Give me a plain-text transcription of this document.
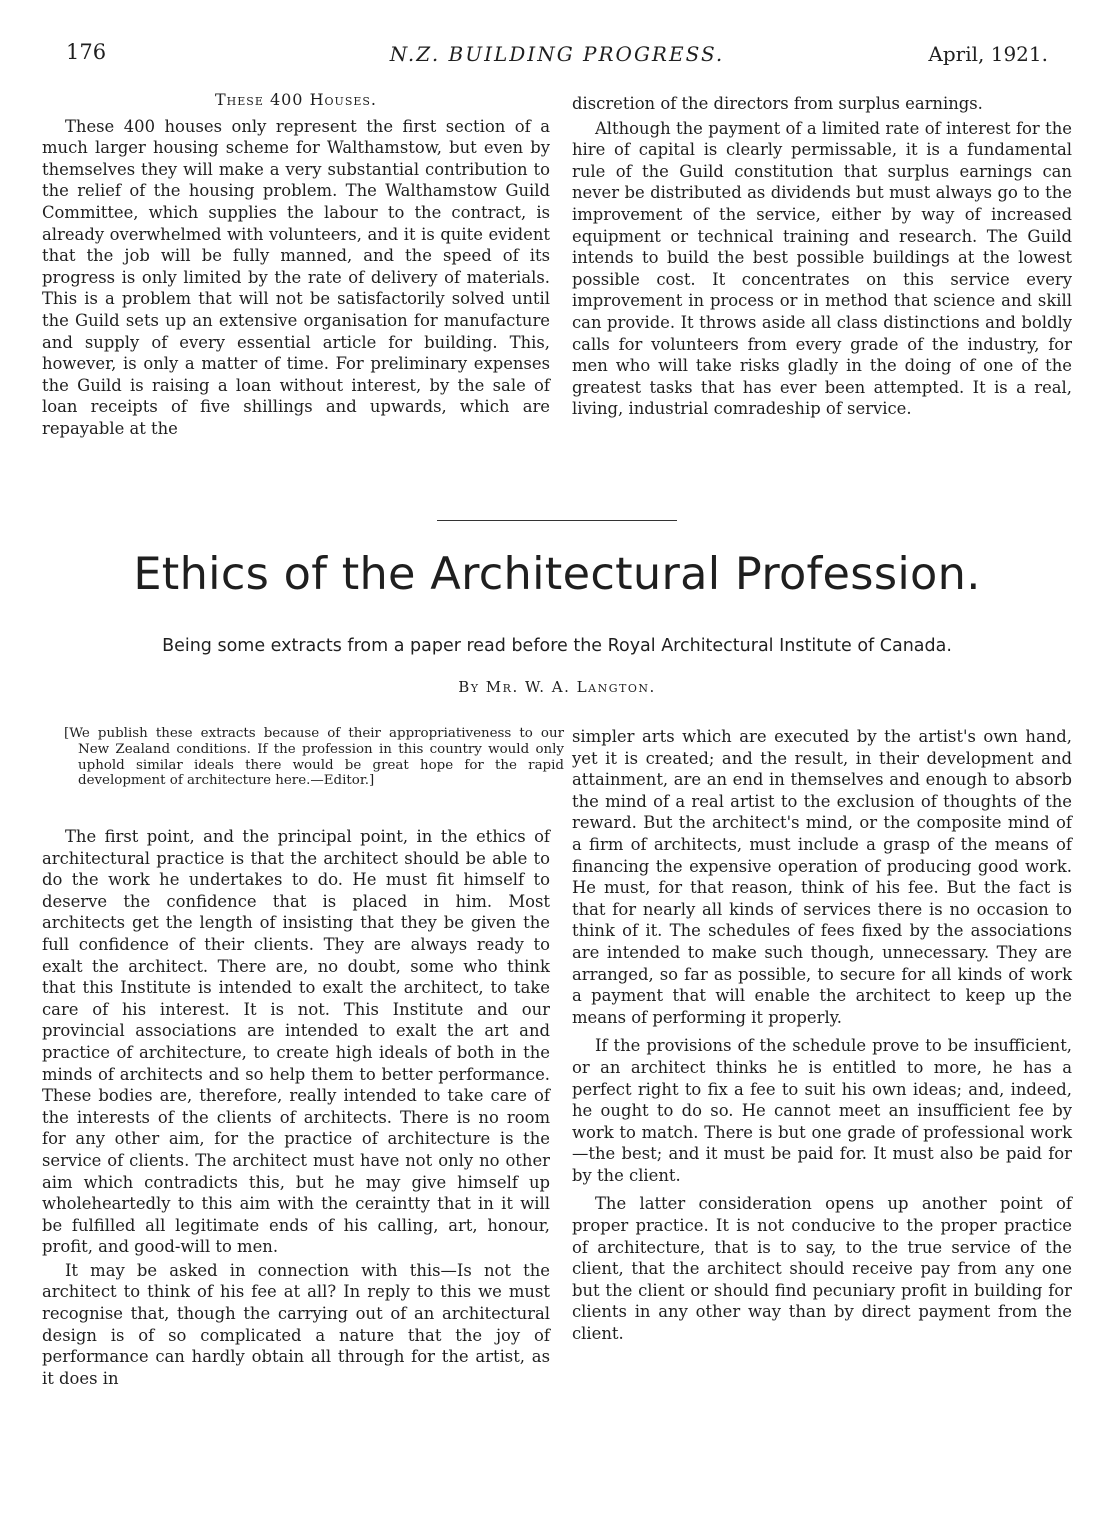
176	N.Z. BUILDING PROGRESS.	April, 1921.
These 400 Houses.

These 400 houses only represent the first section of a much larger housing scheme for Walthamstow, but even by themselves they will make a very substantial contribution to the relief of the housing problem. The Walthamstow Guild Committee, which supplies the labour to the contract, is already overwhelmed with volunteers, and it is quite evident that the job will be fully manned, and the speed of its progress is only limited by the rate of delivery of materials. This is a problem that will not be satisfactorily solved until the Guild sets up an extensive organisation for manufacture and supply of every essential article for building. This, however, is only a matter of time. For preliminary expenses the Guild is raising a loan without interest, by the sale of loan receipts of five shillings and upwards, which are repayable at the

discretion of the directors from surplus earnings.

Although the payment of a limited rate of interest for the hire of capital is clearly permissable, it is a fundamental rule of the Guild constitution that surplus earnings can never be distributed as dividends but must always go to the improvement of the service, either by way of increased equipment or technical training and research. The Guild intends to build the best possible buildings at the lowest possible cost. It concentrates on this service every improvement in process or in method that science and skill can provide. It throws aside all class distinctions and boldly calls for volunteers from every grade of the industry, for men who will take risks gladly in the doing of one of the greatest tasks that has ever been attempted. It is a real, living, industrial comradeship of service.

Ethics of the Architectural Profession.

Being some extracts from a paper read before the Royal Architectural Institute of Canada.

By Mr. W. A. Langton.

[We publish these extracts because of their appropriativeness to our New Zealand conditions. If the profession in this country would only uphold similar ideals there would be great hope for the rapid development of architecture here.—Editor.]

The first point, and the principal point, in the ethics of architectural practice is that the architect should be able to do the work he undertakes to do. He must fit himself to deserve the confidence that is placed in him. Most architects get the length of insisting that they be given the full confidence of their clients. They are always ready to exalt the architect. There are, no doubt, some who think that this Institute is intended to exalt the architect, to take care of his interest. It is not. This Institute and our provincial associations are intended to exalt the art and practice of architecture, to create high ideals of both in the minds of architects and so help them to better performance. These bodies are, therefore, really intended to take care of the interests of the clients of architects. There is no room for any other aim, for the practice of architecture is the service of clients. The architect must have not only no other aim which contradicts this, but he may give himself up wholeheartedly to this aim with the ceraintty that in it will be fulfilled all legitimate ends of his calling, art, honour, profit, and good-will to men.

It may be asked in connection with this—Is not the architect to think of his fee at all? In reply to this we must recognise that, though the carrying out of an architectural design is of so complicated a nature that the joy of performance can hardly obtain all through for the artist, as it does in

simpler arts which are executed by the artist's own hand, yet it is created; and the result, in their development and attainment, are an end in themselves and enough to absorb the mind of a real artist to the exclusion of thoughts of the reward. But the architect's mind, or the composite mind of a firm of architects, must include a grasp of the means of financing the expensive operation of producing good work. He must, for that reason, think of his fee. But the fact is that for nearly all kinds of services there is no occasion to think of it. The schedules of fees fixed by the associations are intended to make such though, unnecessary. They are arranged, so far as possible, to secure for all kinds of work a payment that will enable the architect to keep up the means of performing it properly.

If the provisions of the schedule prove to be insufficient, or an architect thinks he is entitled to more, he has a perfect right to fix a fee to suit his own ideas; and, indeed, he ought to do so. He cannot meet an insufficient fee by work to match. There is but one grade of professional work—the best; and it must be paid for. It must also be paid for by the client.

The latter consideration opens up another point of proper practice. It is not conducive to the proper practice of architecture, that is to say, to the true service of the client, that the architect should receive pay from any one but the client or should find pecuniary profit in building for clients in any other way than by direct payment from the client.
